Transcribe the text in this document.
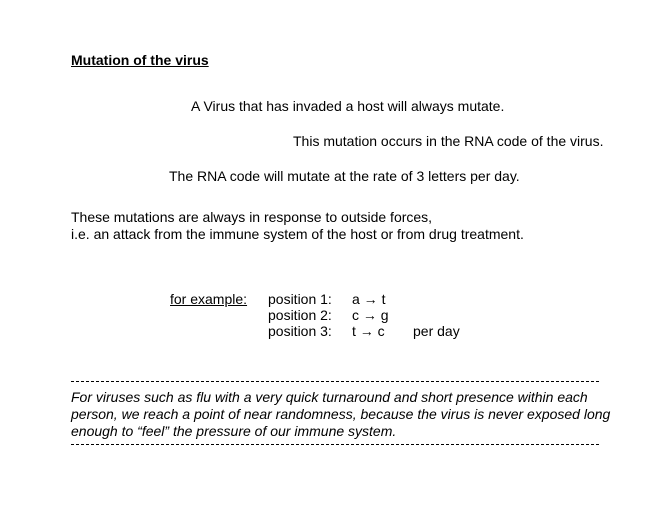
Mutation of the virus
A Virus that has invaded a host will always mutate.
This mutation occurs in the RNA code of the virus.
The RNA code will mutate at the rate of 3 letters per day.
These mutations are always in response to outside forces,
i.e. an attack from the immune system of the host or from drug treatment.
for example: position 1: a → t
position 2: c → g
position 3: t → c per day
For viruses such as flu with a very quick turnaround and short presence within each
person, we reach a point of near randomness, because the virus is never exposed long
enough to “feel” the pressure of our immune system.
